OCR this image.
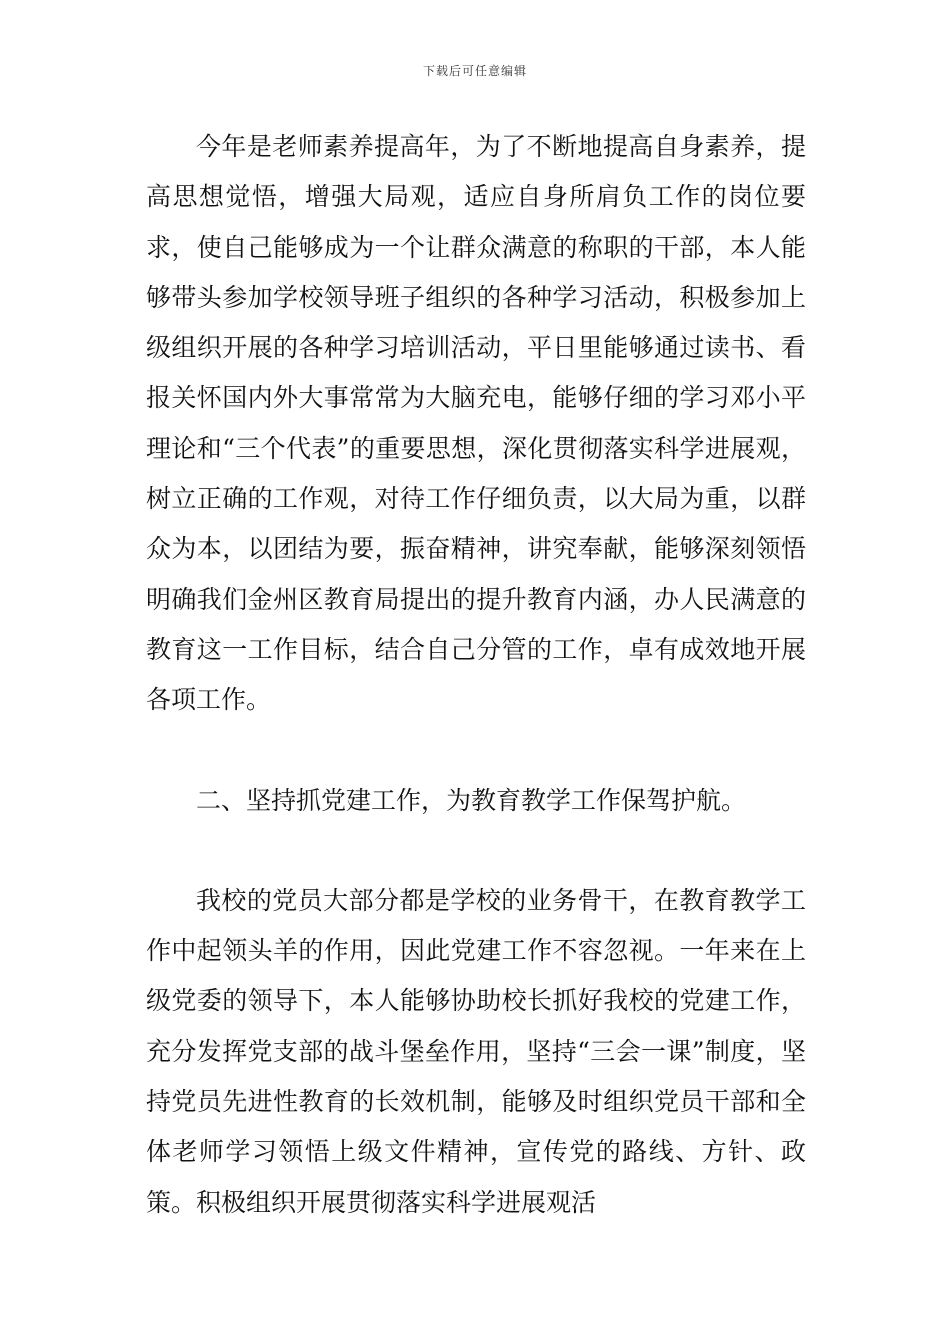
下载后可任意编辑

今年是老师素养提高年，为了不断地提高自身素养，提高思想觉悟，增强大局观，适应自身所肩负工作的岗位要求，使自己能够成为一个让群众满意的称职的干部，本人能够带头参加学校领导班子组织的各种学习活动，积极参加上级组织开展的各种学习培训活动，平日里能够通过读书、看报关怀国内外大事常常为大脑充电，能够仔细的学习邓小平理论和“三个代表”的重要思想，深化贯彻落实科学进展观，树立正确的工作观，对待工作仔细负责，以大局为重，以群众为本，以团结为要，振奋精神，讲究奉献，能够深刻领悟明确我们金州区教育局提出的提升教育内涵，办人民满意的教育这一工作目标，结合自己分管的工作，卓有成效地开展各项工作。

二、坚持抓党建工作，为教育教学工作保驾护航。

我校的党员大部分都是学校的业务骨干，在教育教学工作中起领头羊的作用，因此党建工作不容忽视。一年来在上级党委的领导下，本人能够协助校长抓好我校的党建工作，充分发挥党支部的战斗堡垒作用，坚持“三会一课”制度，坚持党员先进性教育的长效机制，能够及时组织党员干部和全体老师学习领悟上级文件精神，宣传党的路线、方针、政策。积极组织开展贯彻落实科学进展观活
